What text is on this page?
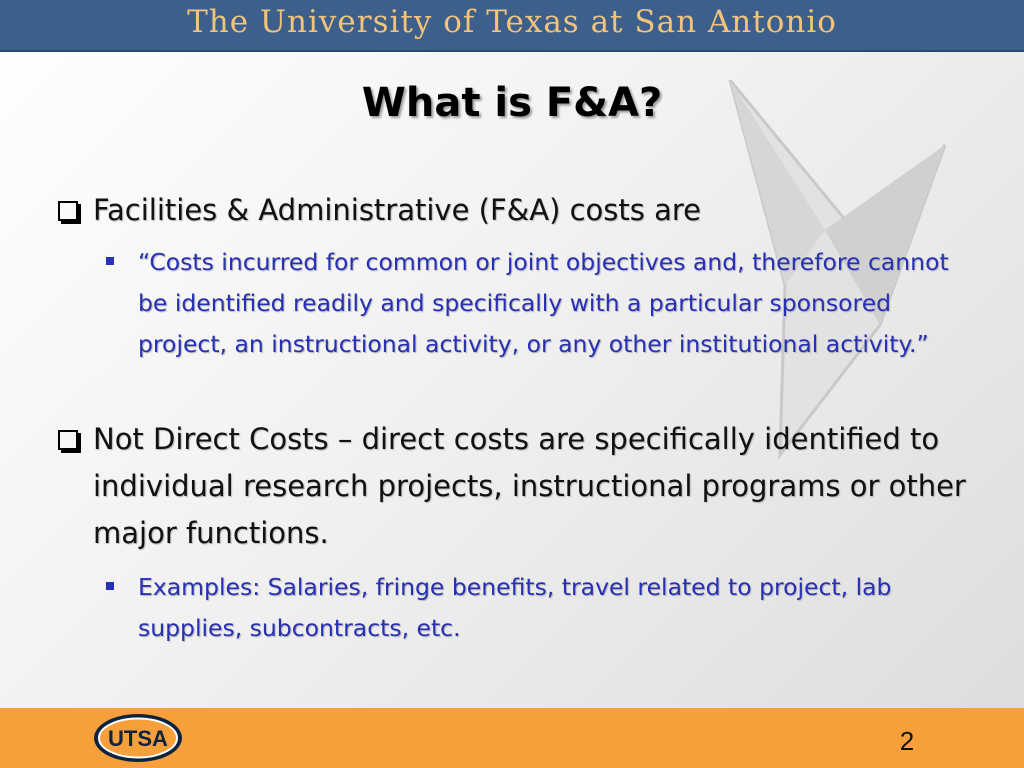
The University of Texas at San Antonio
What is F&A?
Facilities & Administrative (F&A) costs are
“Costs incurred for common or joint objectives and, therefore cannot be identified readily and specifically with a particular sponsored project, an instructional activity, or any other institutional activity.”
Not Direct Costs – direct costs are specifically identified to individual research projects, instructional programs or other major functions.
Examples: Salaries, fringe benefits, travel related to project, lab supplies, subcontracts, etc.
UTSA	2
